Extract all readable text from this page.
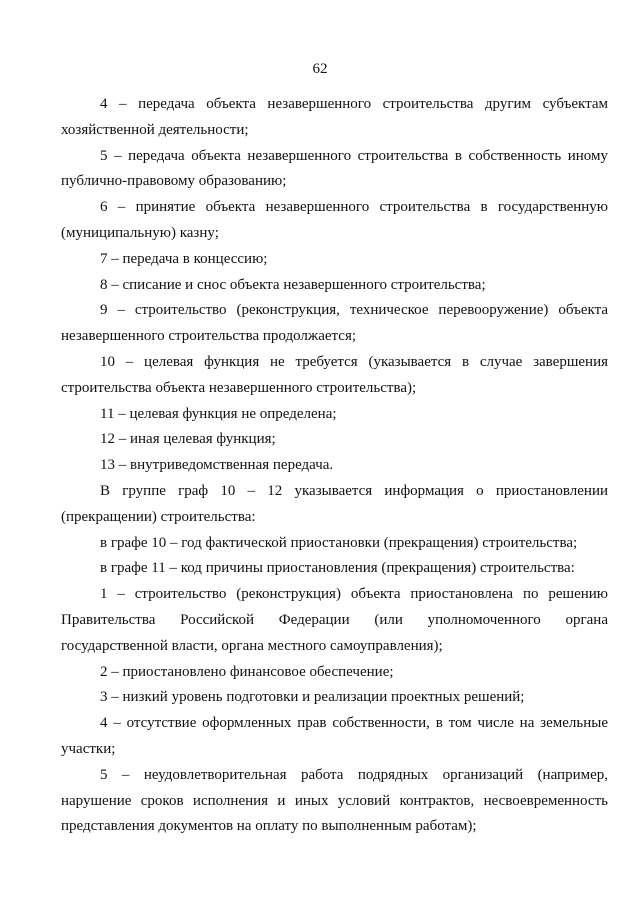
62

4 – передача объекта незавершенного строительства другим субъектам хозяйственной деятельности;

5 – передача объекта незавершенного строительства в собственность иному публично-правовому образованию;

6 – принятие объекта незавершенного строительства в государственную (муниципальную) казну;

7 – передача в концессию;

8 – списание и снос объекта незавершенного строительства;

9 – строительство (реконструкция, техническое перевооружение) объекта незавершенного строительства продолжается;

10 – целевая функция не требуется (указывается в случае завершения строительства объекта незавершенного строительства);

11 – целевая функция не определена;

12 – иная целевая функция;

13 – внутриведомственная передача.

В группе граф 10 – 12 указывается информация о приостановлении (прекращении) строительства:

в графе 10 – год фактической приостановки (прекращения) строительства;

в графе 11 – код причины приостановления (прекращения) строительства:

1 – строительство (реконструкция) объекта приостановлена по решению Правительства Российской Федерации (или уполномоченного органа государственной власти, органа местного самоуправления);

2 – приостановлено финансовое обеспечение;

3 – низкий уровень подготовки и реализации проектных решений;

4 – отсутствие оформленных прав собственности, в том числе на земельные участки;

5 – неудовлетворительная работа подрядных организаций (например, нарушение сроков исполнения и иных условий контрактов, несвоевременность представления документов на оплату по выполненным работам);
